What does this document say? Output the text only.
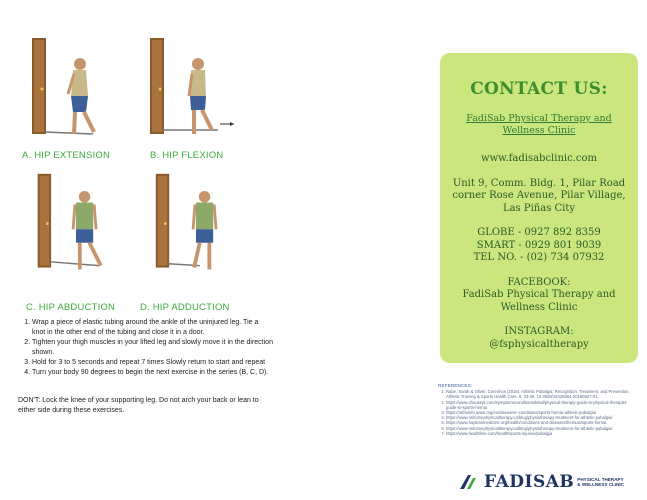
A. HIP EXTENSION	B. HIP FLEXION
C. HIP ABDUCTION	D. HIP ADDUCTION
1. Wrap a piece of elastic tubing around the ankle of the uninjured leg. Tie a knot in the other end of the tubing and close it in a door.
2. Tighten your thigh muscles in your lifted leg and slowly move it in the direction shown.
3. Hold for 3 to 5 seconds and repeat 7 times Slowly return to start and repeat
4. Turn your body 90 degrees to begin the next exercise in the series (B, C, D).
DON'T: Lock the knee of your supporting leg. Do not arch your back or lean to either side during these exercises.
CONTACT US:
FadiSab Physical Therapy and Wellness Clinic
www.fadisabclinic.com
Unit 9, Comm. Bldg. 1, Pilar Road corner Rose Avenue, Pilar Village, Las Piñas City
GLOBE - 0927 892 8359
SMART - 0929 801 9039
TEL NO. - (02) 734 07932
FACEBOOK:
FadiSab Physical Therapy and Wellness Clinic
INSTAGRAM:
@fsphysicaltherapy
REFERENCES:
1. Rabe, Sarah & Oliver, Cerenhos (2016). Athletic Pubalgia: Recognition, Treatment, and Prevention. Athletic Training & Sports Health Care. 8. 33-39. 10.3928/19425864-20160927-01.
2. https://www.choosept.com/symptomsconditionsdetail/physical-therapy-guide-to-physical-therapist-guide-to-sports-hernia
3. https://orthoinfo.aaos.org/en/diseases--conditions/sports-hernia-athletic-pubalgia/
4. https://www.nshomephysicaltherapy.ca/blog/physiotherapy-treatment-for-athletic-pubalgia/
5. https://www.hopkinsmedicine.org/health/conditions-and-diseases/hernias/sports-hernia
6. https://www.nshomephysicaltherapy.ca/blog/physiotherapy-treatment-for-athletic-pubalgia/
7. https://www.healthline.com/health/sports-injuries/pubalgia
FADISAB PHYSICAL THERAPY
& WELLNESS CLINIC
